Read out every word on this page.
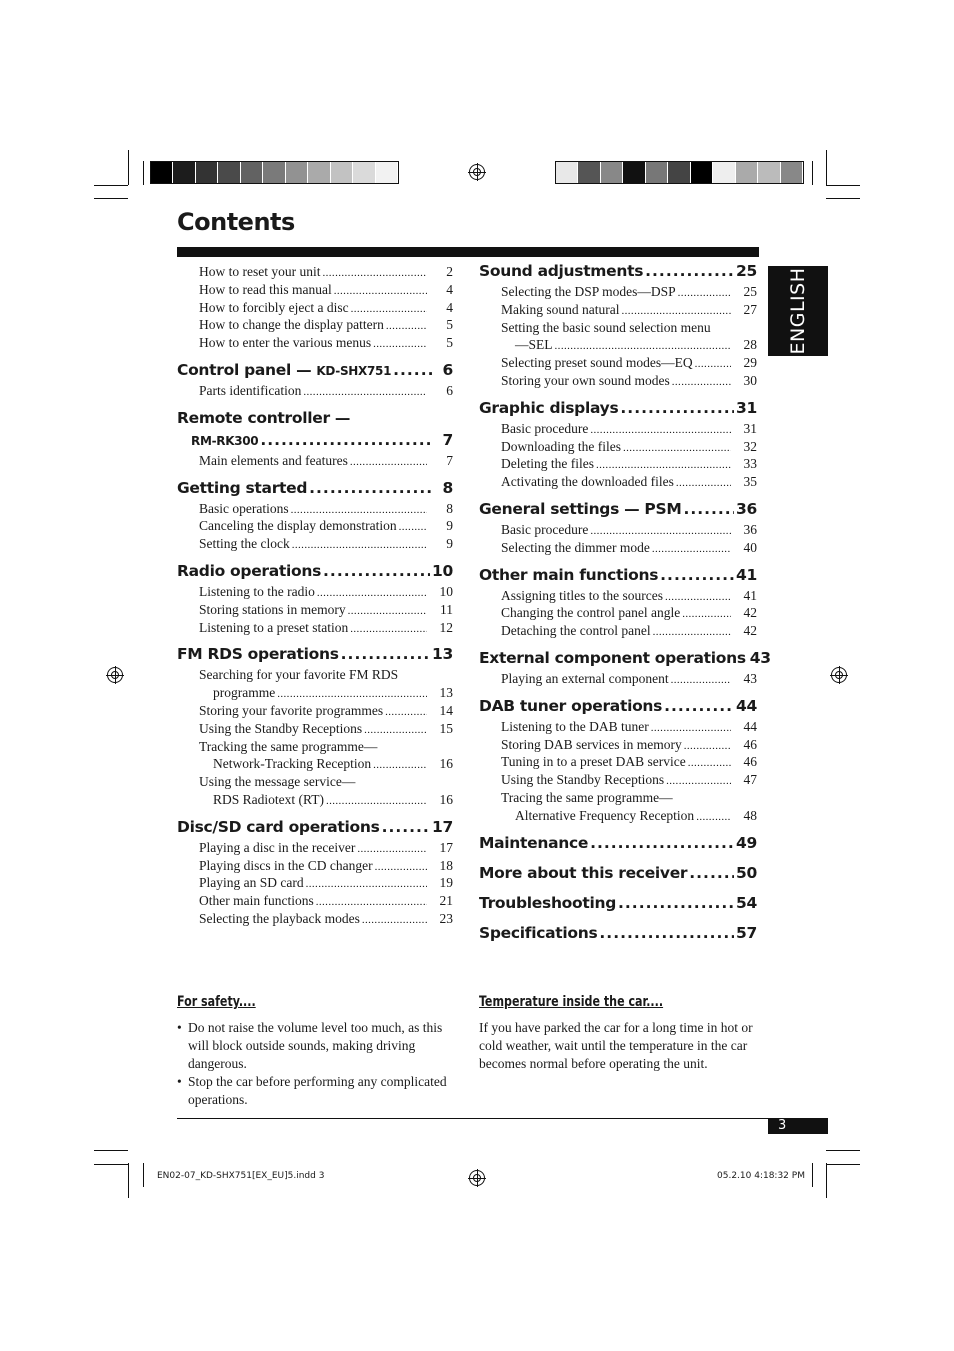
Contents
ENGLISH
How to reset your unit .....	2
How to read this manual .....	4
How to forcibly eject a disc .....	4
How to change the display pattern .....	5
How to enter the various menus .....	5
Control panel — KD-SHX751 .....	6
Parts identification .....	6
Remote controller —
RM-RK300 .....	7
Main elements and features .....	7
Getting started .....	8
Basic operations .....	8
Canceling the display demonstration .....	9
Setting the clock .....	9
Radio operations .....	10
Listening to the radio .....	10
Storing stations in memory .....	11
Listening to a preset station .....	12
FM RDS operations .....	13
Searching for your favorite FM RDS
programme .....	13
Storing your favorite programmes .....	14
Using the Standby Receptions .....	15
Tracking the same programme—
Network-Tracking Reception .....	16
Using the message service—
RDS Radiotext (RT) .....	16
Disc/SD card operations .....	17
Playing a disc in the receiver .....	17
Playing discs in the CD changer .....	18
Playing an SD card .....	19
Other main functions .....	21
Selecting the playback modes .....	23
Sound adjustments .....	25
Selecting the DSP modes—DSP .....	25
Making sound natural .....	27
Setting the basic sound selection menu
—SEL .....	28
Selecting preset sound modes—EQ .....	29
Storing your own sound modes .....	30
Graphic displays .....	31
Basic procedure .....	31
Downloading the files .....	32
Deleting the files .....	33
Activating the downloaded files .....	35
General settings — PSM .....	36
Basic procedure .....	36
Selecting the dimmer mode .....	40
Other main functions .....	41
Assigning titles to the sources .....	41
Changing the control panel angle .....	42
Detaching the control panel .....	42
External component operations 43
Playing an external component .....	43
DAB tuner operations .....	44
Listening to the DAB tuner .....	44
Storing DAB services in memory .....	46
Tuning in to a preset DAB service .....	46
Using the Standby Receptions .....	47
Tracing the same programme—
Alternative Frequency Reception .....	48
Maintenance .....	49
More about this receiver .....	50
Troubleshooting .....	54
Specifications .....	57
For safety....
• Do not raise the volume level too much, as this will block outside sounds, making driving dangerous.
• Stop the car before performing any complicated operations.
Temperature inside the car....

If you have parked the car for a long time in hot or cold weather, wait until the temperature in the car becomes normal before operating the unit.

3
EN02-07_KD-SHX751[EX_EU]5.indd 3	05.2.10 4:18:32 PM
